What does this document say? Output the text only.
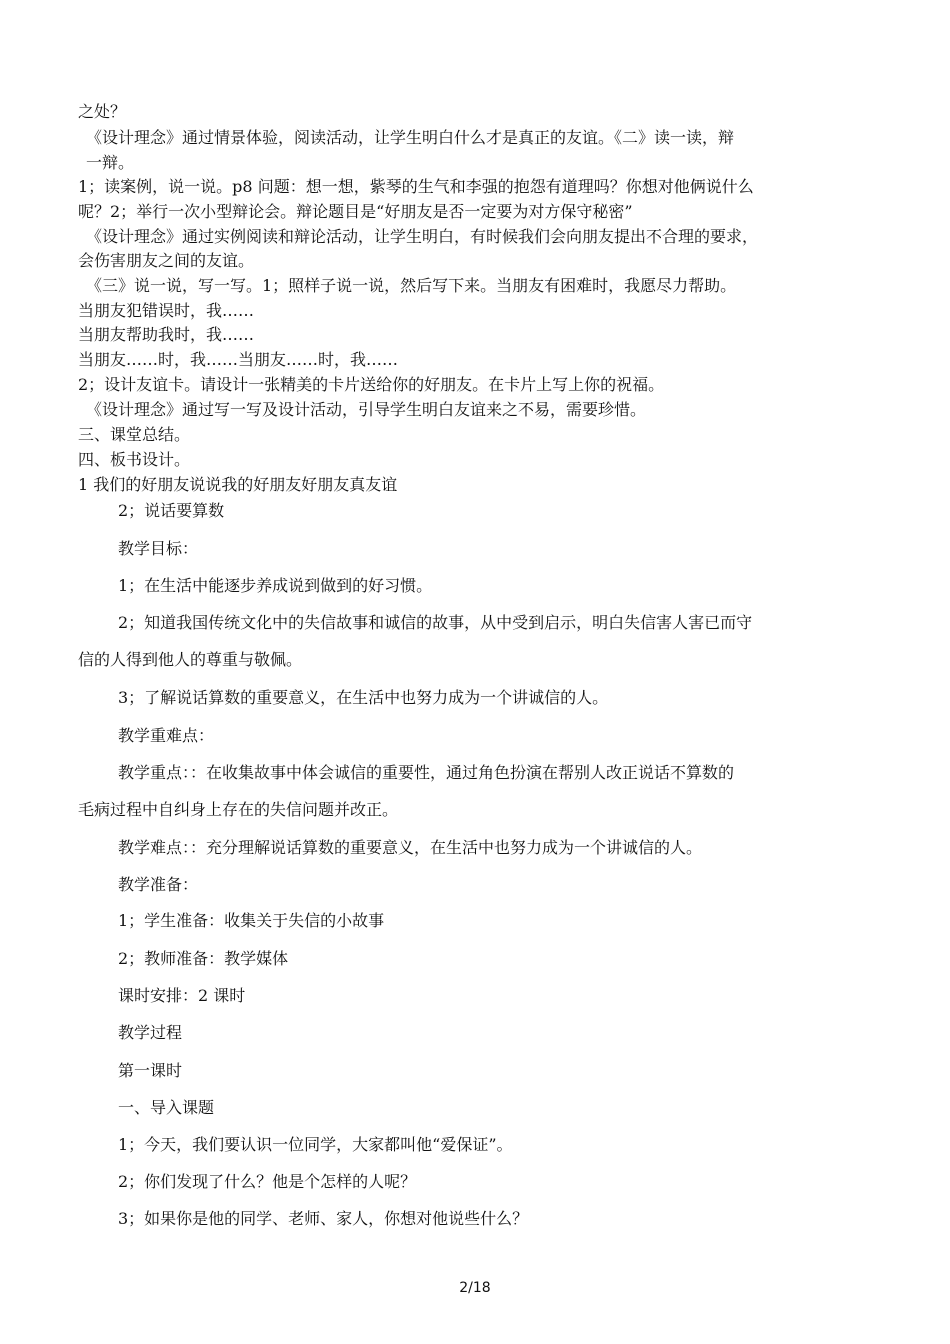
之处？
《设计理念》通过情景体验，阅读活动，让学生明白什么才是真正的友谊。《二》读一读，辩
一辩。
1；读案例，说一说。p8 问题：想一想，紫琴的生气和李强的抱怨有道理吗？你想对他俩说什么
呢？2；举行一次小型辩论会。辩论题目是“好朋友是否一定要为对方保守秘密”
《设计理念》通过实例阅读和辩论活动，让学生明白，有时候我们会向朋友提出不合理的要求，
会伤害朋友之间的友谊。
《三》说一说，写一写。1；照样子说一说，然后写下来。当朋友有困难时，我愿尽力帮助。
当朋友犯错误时，我……
当朋友帮助我时，我……
当朋友……时，我……当朋友……时，我……
2；设计友谊卡。请设计一张精美的卡片送给你的好朋友。在卡片上写上你的祝福。
《设计理念》通过写一写及设计活动，引导学生明白友谊来之不易，需要珍惜。
三、课堂总结。
四、板书设计。
1 我们的好朋友说说我的好朋友好朋友真友谊
2；说话要算数
教学目标：
1；在生活中能逐步养成说到做到的好习惯。
2；知道我国传统文化中的失信故事和诚信的故事，从中受到启示，明白失信害人害已而守
信的人得到他人的尊重与敬佩。
3；了解说话算数的重要意义，在生活中也努力成为一个讲诚信的人。
教学重难点：
教学重点：：在收集故事中体会诚信的重要性，通过角色扮演在帮别人改正说话不算数的
毛病过程中自纠身上存在的失信问题并改正。
教学难点：：充分理解说话算数的重要意义，在生活中也努力成为一个讲诚信的人。
教学准备：
1；学生准备：收集关于失信的小故事
2；教师准备：教学媒体
课时安排：2 课时
教学过程
第一课时
一、导入课题
1；今天，我们要认识一位同学，大家都叫他“爱保证”。
2；你们发现了什么？他是个怎样的人呢？
3；如果你是他的同学、老师、家人，你想对他说些什么？
2/18
